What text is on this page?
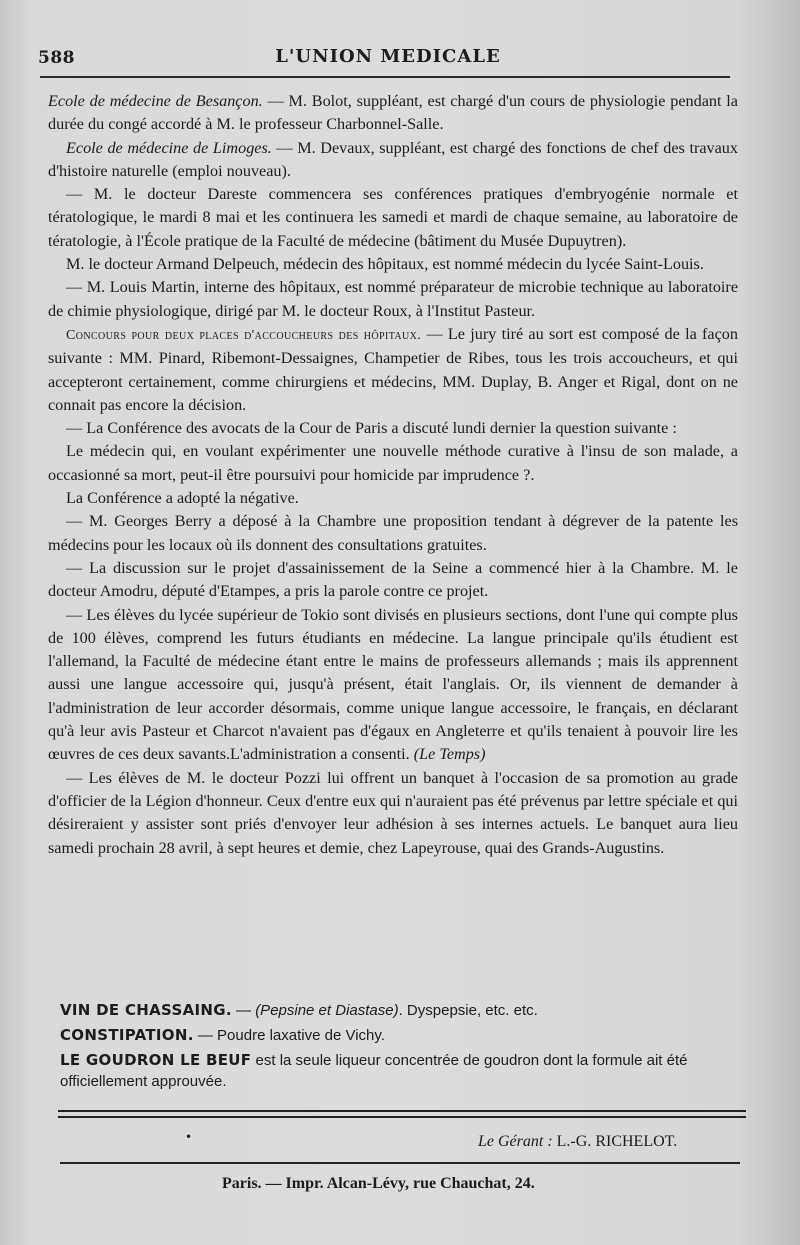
588	L'UNION MEDICALE

Ecole de médecine de Besançon. — M. Bolot, suppléant, est chargé d'un cours de physiologie pendant la durée du congé accordé à M. le professeur Charbonnel-Salle.

Ecole de médecine de Limoges. — M. Devaux, suppléant, est chargé des fonctions de chef des travaux d'histoire naturelle (emploi nouveau).

— M. le docteur Dareste commencera ses conférences pratiques d'embryogénie normale et tératologique, le mardi 8 mai et les continuera les samedi et mardi de chaque semaine, au laboratoire de tératologie, à l'École pratique de la Faculté de médecine (bâtiment du Musée Dupuytren).

M. le docteur Armand Delpeuch, médecin des hôpitaux, est nommé médecin du lycée Saint-Louis.

— M. Louis Martin, interne des hôpitaux, est nommé préparateur de microbie technique au laboratoire de chimie physiologique, dirigé par M. le docteur Roux, à l'Institut Pasteur.

Concours pour deux places d'accoucheurs des hôpitaux. — Le jury tiré au sort est composé de la façon suivante : MM. Pinard, Ribemont-Dessaignes, Champetier de Ribes, tous les trois accoucheurs, et qui accepteront certainement, comme chirurgiens et médecins, MM. Duplay, B. Anger et Rigal, dont on ne connait pas encore la décision.

— La Conférence des avocats de la Cour de Paris a discuté lundi dernier la question suivante :

Le médecin qui, en voulant expérimenter une nouvelle méthode curative à l'insu de son malade, a occasionné sa mort, peut-il être poursuivi pour homicide par imprudence ?.

La Conférence a adopté la négative.

— M. Georges Berry a déposé à la Chambre une proposition tendant à dégrever de la patente les médecins pour les locaux où ils donnent des consultations gratuites.

— La discussion sur le projet d'assainissement de la Seine a commencé hier à la Chambre. M. le docteur Amodru, député d'Etampes, a pris la parole contre ce projet.

— Les élèves du lycée supérieur de Tokio sont divisés en plusieurs sections, dont l'une qui compte plus de 100 élèves, comprend les futurs étudiants en médecine. La langue principale qu'ils étudient est l'allemand, la Faculté de médecine étant entre le mains de professeurs allemands ; mais ils apprennent aussi une langue accessoire qui, jusqu'à présent, était l'anglais. Or, ils viennent de demander à l'administration de leur accorder désormais, comme unique langue accessoire, le français, en déclarant qu'à leur avis Pasteur et Charcot n'avaient pas d'égaux en Angleterre et qu'ils tenaient à pouvoir lire les œuvres de ces deux savants.L'administration a consenti. (Le Temps)

— Les élèves de M. le docteur Pozzi lui offrent un banquet à l'occasion de sa promotion au grade d'officier de la Légion d'honneur. Ceux d'entre eux qui n'auraient pas été prévenus par lettre spéciale et qui désireraient y assister sont priés d'envoyer leur adhésion à ses internes actuels. Le banquet aura lieu samedi prochain 28 avril, à sept heures et demie, chez Lapeyrouse, quai des Grands-Augustins.

VIN DE CHASSAING. — (Pepsine et Diastase). Dyspepsie, etc. etc.

CONSTIPATION. — Poudre laxative de Vichy.

LE GOUDRON LE BEUF est la seule liqueur concentrée de goudron dont la formule ait été officiellement approuvée.

•	Le Gérant : L.-G. RICHELOT.
Paris. — Impr. Alcan-Lévy, rue Chauchat, 24.
